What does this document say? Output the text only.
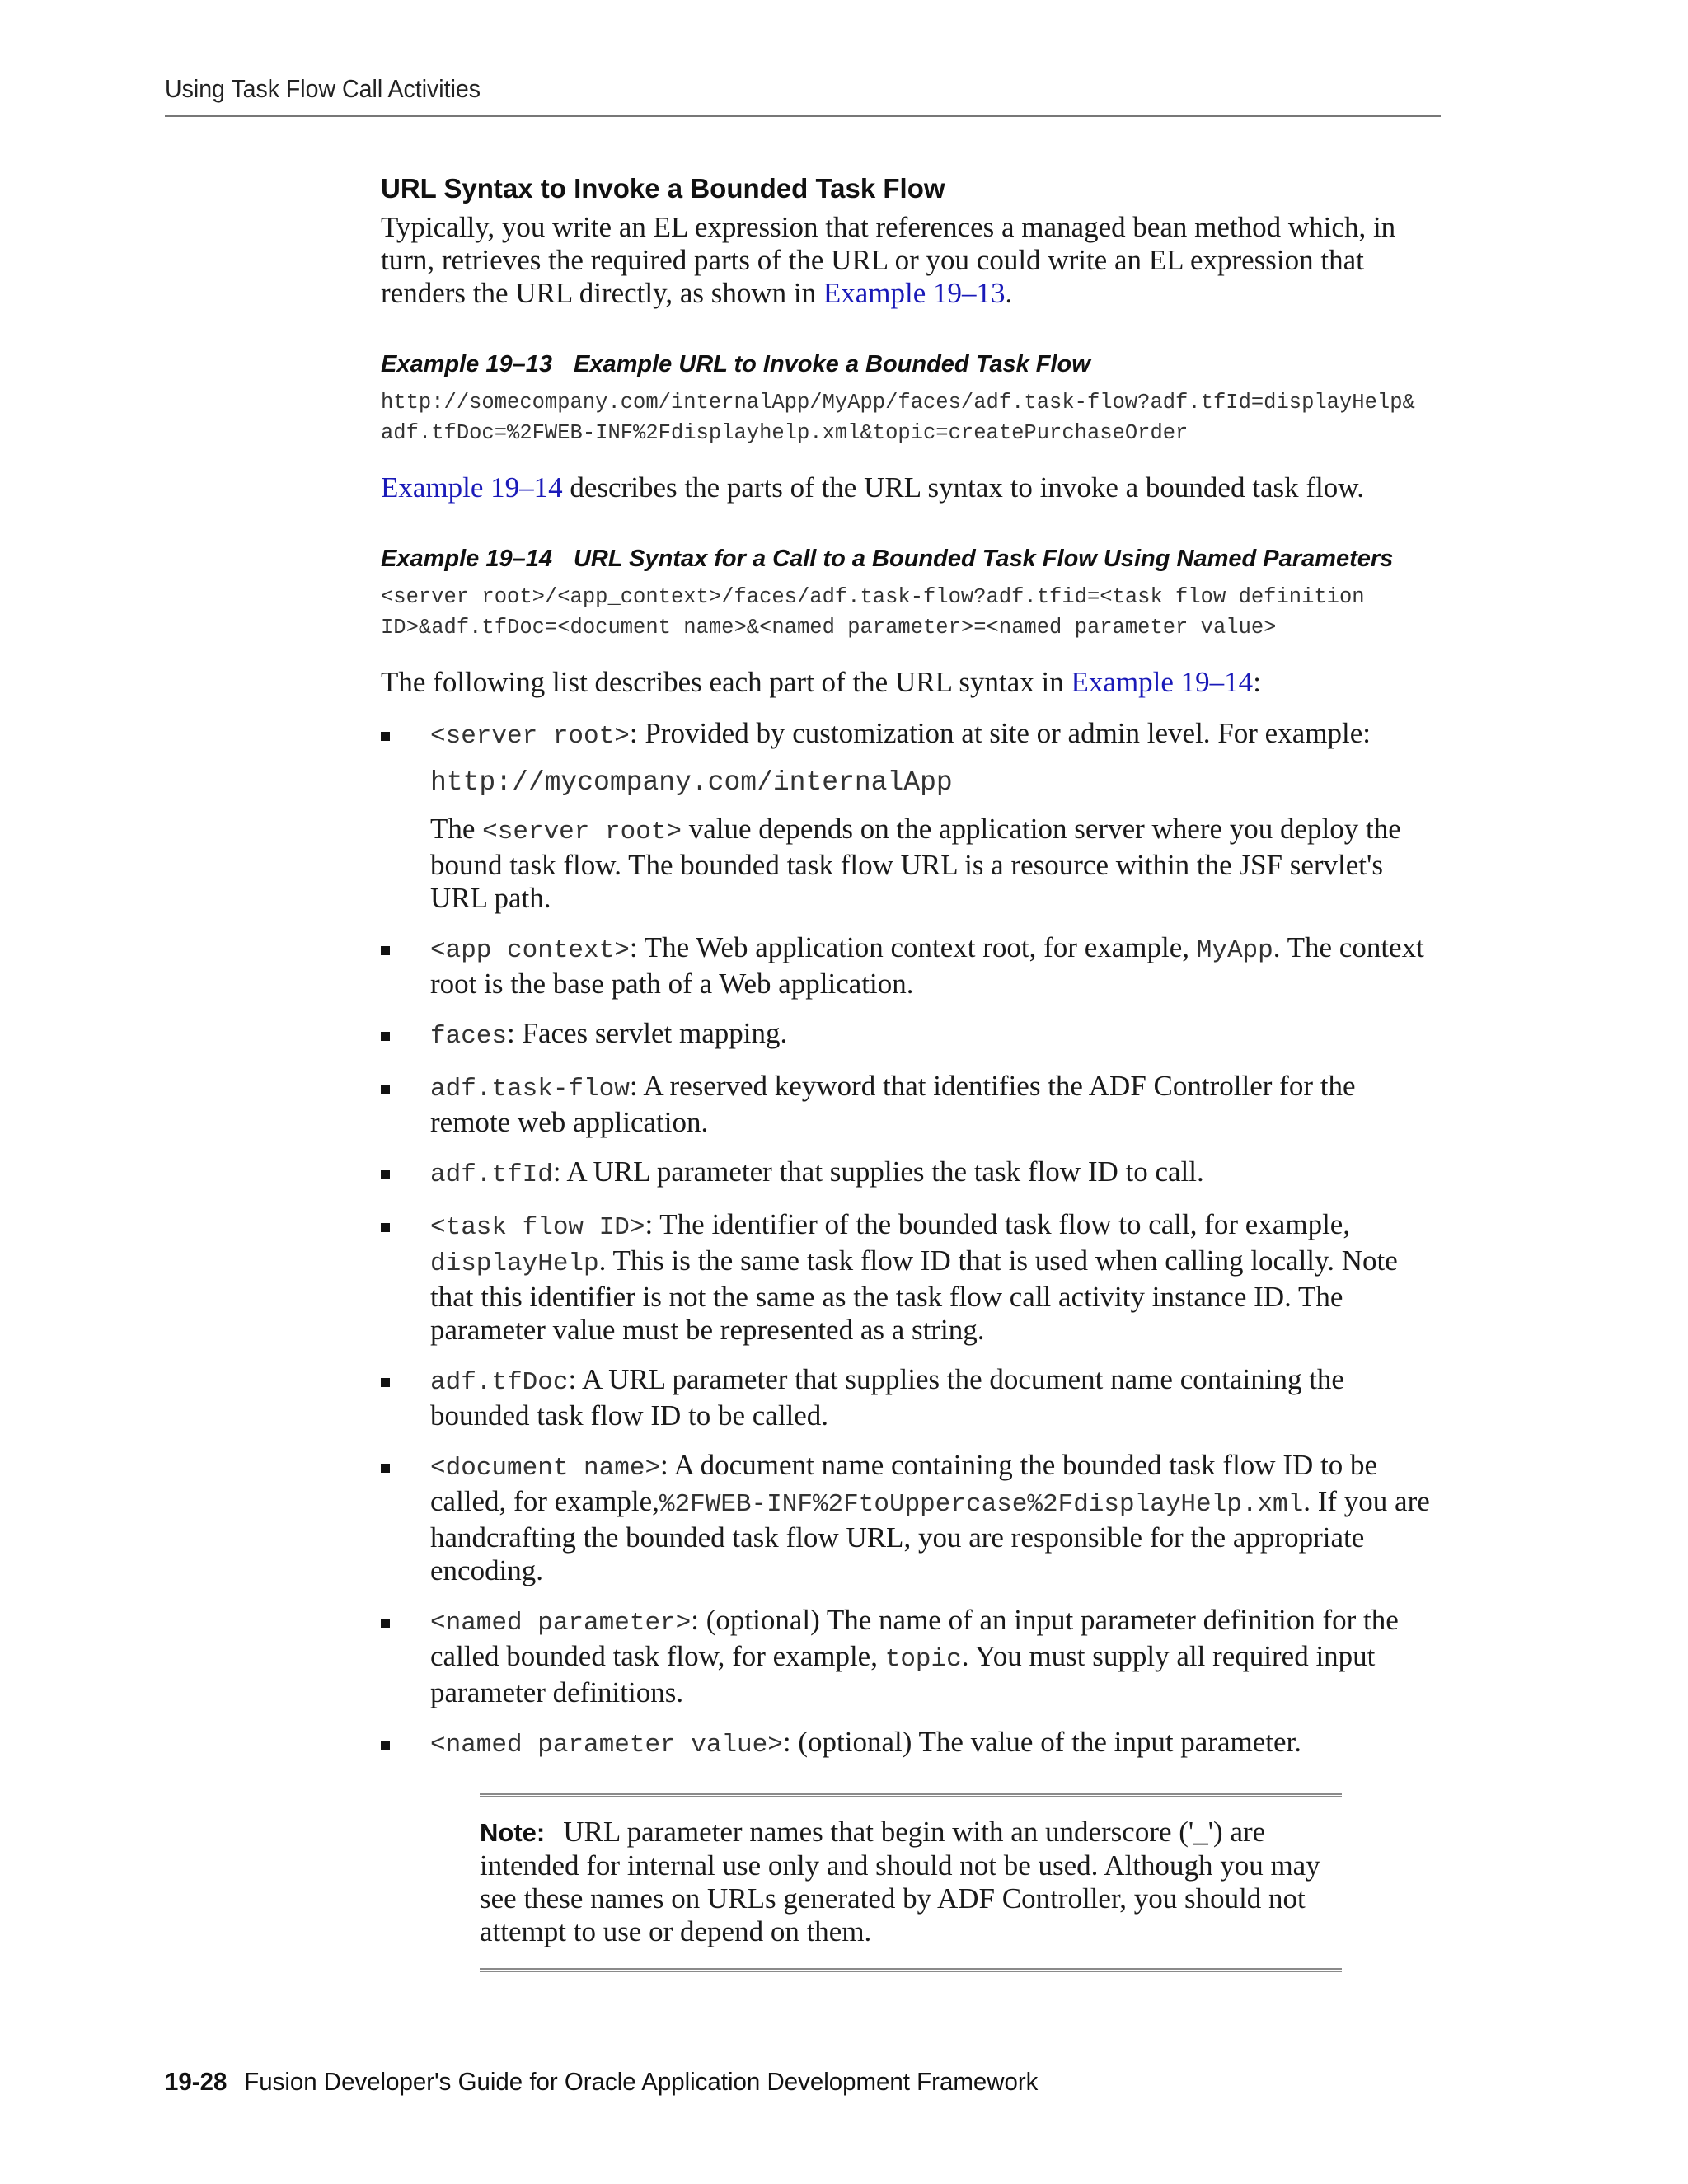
Using Task Flow Call Activities
URL Syntax to Invoke a Bounded Task Flow

Typically, you write an EL expression that references a managed bean method which, in turn, retrieves the required parts of the URL or you could write an EL expression that renders the URL directly, as shown in Example 19–13.

Example 19–13 Example URL to Invoke a Bounded Task Flow
http://somecompany.com/internalApp/MyApp/faces/adf.task-flow?adf.tfId=displayHelp&
adf.tfDoc=%2FWEB-INF%2Fdisplayhelp.xml&topic=createPurchaseOrder

Example 19–14 describes the parts of the URL syntax to invoke a bounded task flow.

Example 19–14 URL Syntax for a Call to a Bounded Task Flow Using Named Parameters
<server root>/<app_context>/faces/adf.task-flow?adf.tfid=<task flow definition
ID>&adf.tfDoc=<document name>&<named parameter>=<named parameter value>

The following list describes each part of the URL syntax in Example 19–14:

<server root>: Provided by customization at site or admin level. For example:

http://mycompany.com/internalApp

The <server root> value depends on the application server where you deploy the bound task flow. The bounded task flow URL is a resource within the JSF servlet's URL path.

<app context>: The Web application context root, for example, MyApp. The context root is the base path of a Web application.

faces: Faces servlet mapping.

adf.task-flow: A reserved keyword that identifies the ADF Controller for the remote web application.

adf.tfId: A URL parameter that supplies the task flow ID to call.

<task flow ID>: The identifier of the bounded task flow to call, for example, displayHelp. This is the same task flow ID that is used when calling locally. Note that this identifier is not the same as the task flow call activity instance ID. The parameter value must be represented as a string.

adf.tfDoc: A URL parameter that supplies the document name containing the bounded task flow ID to be called.

<document name>: A document name containing the bounded task flow ID to be called, for example,%2FWEB-INF%2FtoUppercase%2FdisplayHelp.xml. If you are handcrafting the bounded task flow URL, you are responsible for the appropriate encoding.

<named parameter>: (optional) The name of an input parameter definition for the called bounded task flow, for example, topic. You must supply all required input parameter definitions.

<named parameter value>: (optional) The value of the input parameter.

Note: URL parameter names that begin with an underscore ('_') are intended for internal use only and should not be used. Although you may see these names on URLs generated by ADF Controller, you should not attempt to use or depend on them.

19-28 Fusion Developer's Guide for Oracle Application Development Framework
